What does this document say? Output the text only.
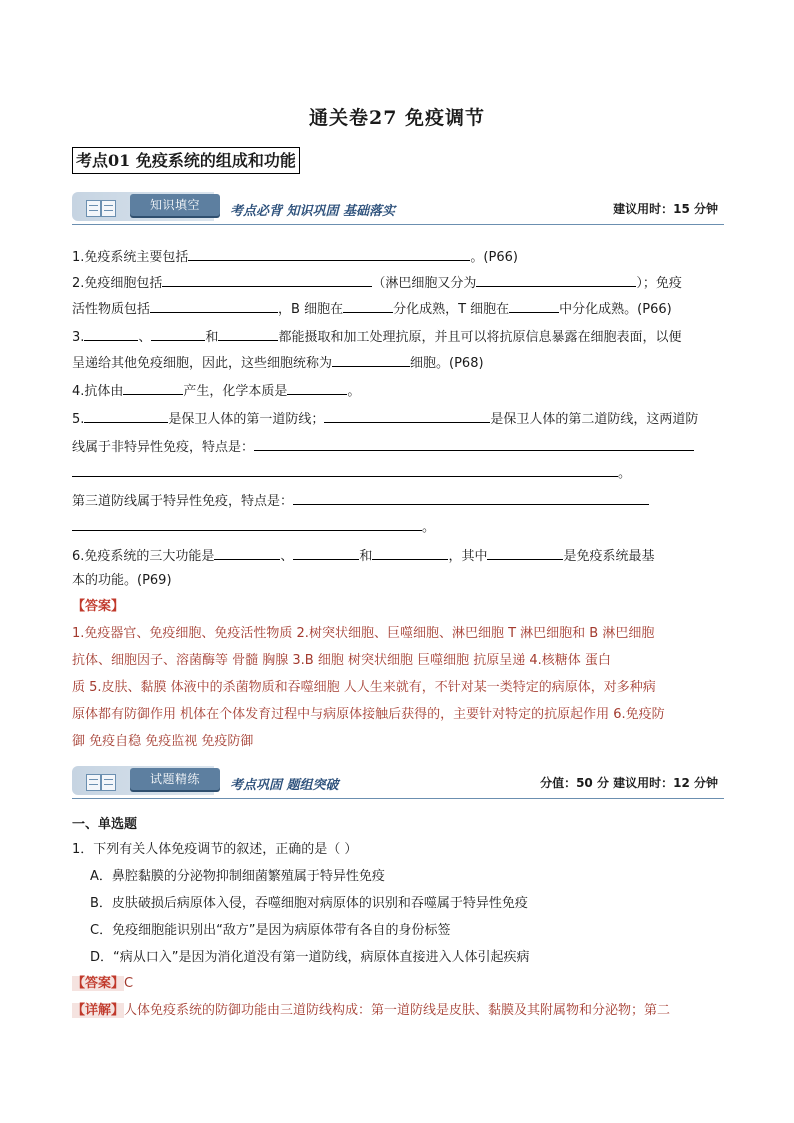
通关卷27 免疫调节
考点01 免疫系统的组成和功能
知识填空	考点必背 知识巩固 基础落实	建议用时：15 分钟
1.免疫系统主要包括	。(P66)
2.免疫细胞包括	（淋巴细胞又分为	）；免疫
活性物质包括	，B 细胞在	分化成熟，T 细胞在	中分化成熟。(P66)
3.	、	和	都能摄取和加工处理抗原，并且可以将抗原信息暴露在细胞表面，以便
呈递给其他免疫细胞，因此，这些细胞统称为	细胞。(P68)
4.抗体由	产生，化学本质是	。
5.	是保卫人体的第一道防线；	是保卫人体的第二道防线，这两道防
线属于非特异性免疫，特点是：
。
第三道防线属于特异性免疫，特点是：
。
6.免疫系统的三大功能是	、	和	，其中	是免疫系统最基
本的功能。(P69)
【答案】
1.免疫器官、免疫细胞、免疫活性物质 2.树突状细胞、巨噬细胞、淋巴细胞 T 淋巴细胞和 B 淋巴细胞
抗体、细胞因子、溶菌酶等 骨髓 胸腺 3.B 细胞 树突状细胞 巨噬细胞 抗原呈递 4.核糖体 蛋白
质 5.皮肤、黏膜 体液中的杀菌物质和吞噬细胞 人人生来就有，不针对某一类特定的病原体，对多种病
原体都有防御作用 机体在个体发育过程中与病原体接触后获得的，主要针对特定的抗原起作用 6.免疫防
御 免疫自稳 免疫监视 免疫防御
试题精练	考点巩固 题组突破	分值：50 分 建议用时：12 分钟
一、单选题
1．下列有关人体免疫调节的叙述，正确的是（ ）
A．鼻腔黏膜的分泌物抑制细菌繁殖属于特异性免疫
B．皮肤破损后病原体入侵，吞噬细胞对病原体的识别和吞噬属于特异性免疫
C．免疫细胞能识别出“敌方”是因为病原体带有各自的身份标签
D．“病从口入”是因为消化道没有第一道防线，病原体直接进入人体引起疾病
【答案】C
【详解】人体免疫系统的防御功能由三道防线构成：第一道防线是皮肤、黏膜及其附属物和分泌物；第二
